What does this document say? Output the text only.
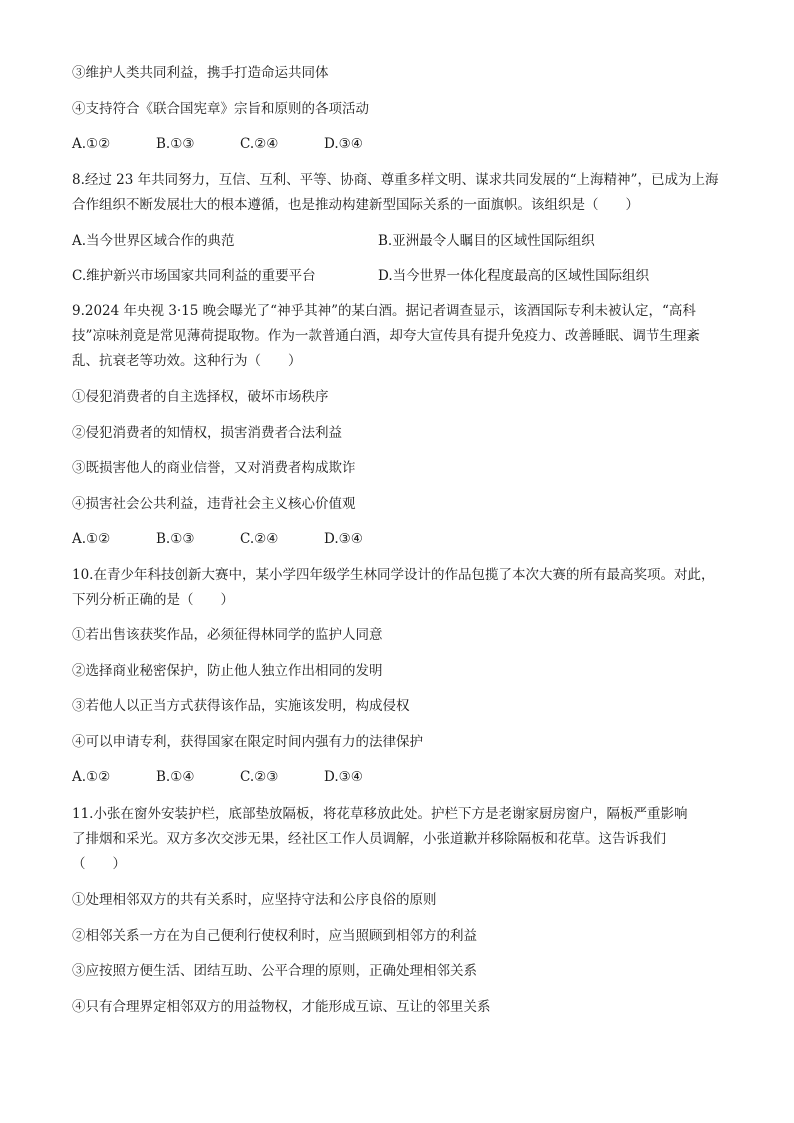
③维护人类共同利益，携手打造命运共同体
④支持符合《联合国宪章》宗旨和原则的各项活动
A.①②	B.①③	C.②④	D.③④
8.经过 23 年共同努力，互信、互利、平等、协商、尊重多样文明、谋求共同发展的“上海精神”，已成为上海合作组织不断发展壮大的根本遵循，也是推动构建新型国际关系的一面旗帜。该组织是（　　）
A.当今世界区域合作的典范	B.亚洲最令人瞩目的区域性国际组织
C.维护新兴市场国家共同利益的重要平台	D.当今世界一体化程度最高的区域性国际组织
9.2024 年央视 3·15 晚会曝光了“神乎其神”的某白酒。据记者调查显示，该酒国际专利未被认定，“高科技”凉味剂竟是常见薄荷提取物。作为一款普通白酒，却夸大宣传具有提升免疫力、改善睡眠、调节生理紊乱、抗衰老等功效。这种行为（　　）
①侵犯消费者的自主选择权，破坏市场秩序
②侵犯消费者的知情权，损害消费者合法利益
③既损害他人的商业信誉，又对消费者构成欺诈
④损害社会公共利益，违背社会主义核心价值观
A.①②	B.①③	C.②④	D.③④
10.在青少年科技创新大赛中，某小学四年级学生林同学设计的作品包揽了本次大赛的所有最高奖项。对此，下列分析正确的是（　　）
①若出售该获奖作品，必须征得林同学的监护人同意
②选择商业秘密保护，防止他人独立作出相同的发明
③若他人以正当方式获得该作品，实施该发明，构成侵权
④可以申请专利，获得国家在限定时间内强有力的法律保护
A.①②	B.①④	C.②③	D.③④
11.小张在窗外安装护栏，底部垫放隔板，将花草移放此处。护栏下方是老谢家厨房窗户，隔板严重影响
了排烟和采光。双方多次交涉无果，经社区工作人员调解，小张道歉并移除隔板和花草。这告诉我们
（　　）
①处理相邻双方的共有关系时，应坚持守法和公序良俗的原则
②相邻关系一方在为自己便利行使权利时，应当照顾到相邻方的利益
③应按照方便生活、团结互助、公平合理的原则，正确处理相邻关系
④只有合理界定相邻双方的用益物权，才能形成互谅、互让的邻里关系
